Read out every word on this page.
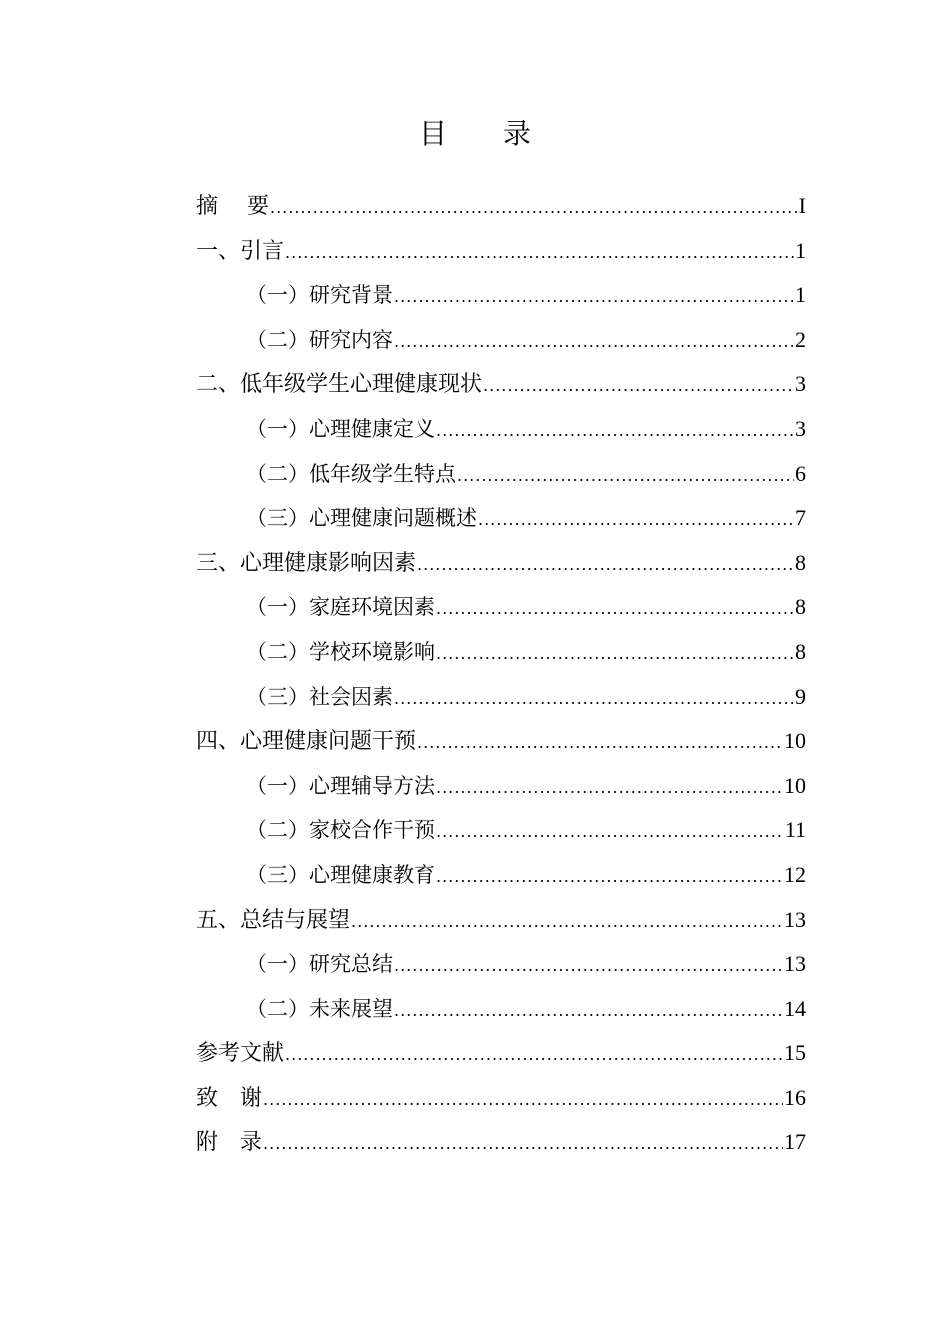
目 录
摘　 要 .....	I
一、引言 .....	1
（一）研究背景 .....	1
（二）研究内容 .....	2
二、低年级学生心理健康现状 .....	3
（一）心理健康定义 .....	3
（二）低年级学生特点 .....	6
（三）心理健康问题概述 .....	7
三、心理健康影响因素 .....	8
（一）家庭环境因素 .....	8
（二）学校环境影响 .....	8
（三）社会因素 .....	9
四、心理健康问题干预 .....	10
（一）心理辅导方法 .....	10
（二）家校合作干预 .....	11
（三）心理健康教育 .....	12
五、总结与展望 .....	13
（一）研究总结 .....	13
（二）未来展望 .....	14
参考文献 .....	15
致　谢 .....	16
附　录 .....	17
